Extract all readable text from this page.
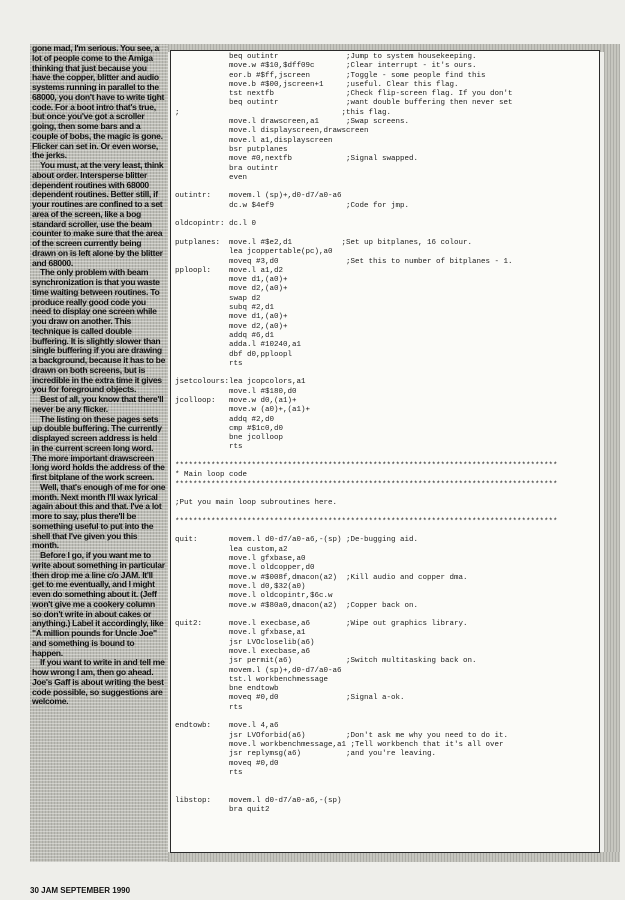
gone mad, I'm serious. You see, a lot of people come to the Amiga thinking that just because you have the copper, blitter and audio systems running in parallel to the 68000, you don't have to write tight code. For a boot intro that's true, but once you've got a scroller going, then some bars and a couple of bobs, the magic is gone. Flicker can set in. Or even worse, the jerks.

You must, at the very least, think about order. Intersperse blitter dependent routines with 68000 dependent routines. Better still, if your routines are confined to a set area of the screen, like a bog standard scroller, use the beam counter to make sure that the area of the screen currently being drawn on is left alone by the blitter and 68000.

The only problem with beam synchronization is that you waste time waiting between routines. To produce really good code you need to display one screen while you draw on another. This technique is called double buffering. It is slightly slower than single buffering if you are drawing a background, because it has to be drawn on both screens, but is incredible in the extra time it gives you for foreground objects.

Best of all, you know that there'll never be any flicker.

The listing on these pages sets up double buffering. The currently displayed screen address is held in the current screen long word. The more important drawscreen long word holds the address of the first bitplane of the work screen.

Well, that's enough of me for one month. Next month I'll wax lyrical again about this and that. I've a lot more to say, plus there'll be something useful to put into the shell that I've given you this month.

Before I go, if you want me to write about something in particular then drop me a line c/o JAM. It'll get to me eventually, and I might even do something about it. (Jeff won't give me a cookery column so don't write in about cakes or anything.) Label it accordingly, like "A million pounds for Uncle Joe" and something is bound to happen.

If you want to write in and tell me how wrong I am, then go ahead. Joe's Gaff is about writing the best code possible, so suggestions are welcome.

beq outintr               ;Jump to system housekeeping.
move.w #$10,$dff09c       ;Clear interrupt - it's ours.
eor.b #$ff,jscreen        ;Toggle - some people find this
move.b #$00,jscreen+1     ;useful. Clear this flag.
tst nextfb                ;Check flip-screen flag. If you don't
beq outintr               ;want double buffering then never set
;                                    ;this flag.
move.l drawscreen,a1      ;Swap screens.
move.l displayscreen,drawscreen
move.l a1,displayscreen
bsr putplanes
move #0,nextfb            ;Signal swapped.
bra outintr
even

outintr:    movem.l (sp)+,d0-d7/a0-a6
dc.w $4ef9                ;Code for jmp.

oldcopintr: dc.l 0

putplanes:  move.l #$e2,d1           ;Set up bitplanes, 16 colour.
lea jcoppertable(pc),a0
moveq #3,d0               ;Set this to number of bitplanes - 1.
pploopl:    move.l a1,d2
move d1,(a0)+
move d2,(a0)+
swap d2
subq #2,d1
move d1,(a0)+
move d2,(a0)+
addq #6,d1
adda.l #10240,a1
dbf d0,pploopl
rts

jsetcolours:lea jcopcolors,a1
move.l #$180,d0
jcolloop:   move.w d0,(a1)+
move.w (a0)+,(a1)+
addq #2,d0
cmp #$1c0,d0
bne jcolloop
rts

*************************************************************************************
* Main loop code
*************************************************************************************

;Put you main loop subroutines here.

*************************************************************************************

quit:       movem.l d0-d7/a0-a6,-(sp) ;De-bugging aid.
lea custom,a2
move.l gfxbase,a0
move.l oldcopper,d0
move.w #$008f,dmacon(a2)  ;Kill audio and copper dma.
move.l d0,$32(a0)
move.l oldcopintr,$6c.w
move.w #$80a0,dmacon(a2)  ;Copper back on.

quit2:      move.l execbase,a6        ;Wipe out graphics library.
move.l gfxbase,a1
jsr LVOcloselib(a6)
move.l execbase,a6
jsr permit(a6)            ;Switch multitasking back on.
movem.l (sp)+,d0-d7/a0-a6
tst.l workbenchmessage
bne endtowb
moveq #0,d0               ;Signal a-ok.
rts

endtowb:    move.l 4,a6
jsr LVOforbid(a6)         ;Don't ask me why you need to do it.
move.l workbenchmessage,a1 ;Tell workbench that it's all over
jsr replymsg(a6)          ;and you're leaving.
moveq #0,d0
rts

libstop:    movem.l d0-d7/a0-a6,-(sp)
bra quit2

30 JAM SEPTEMBER 1990
